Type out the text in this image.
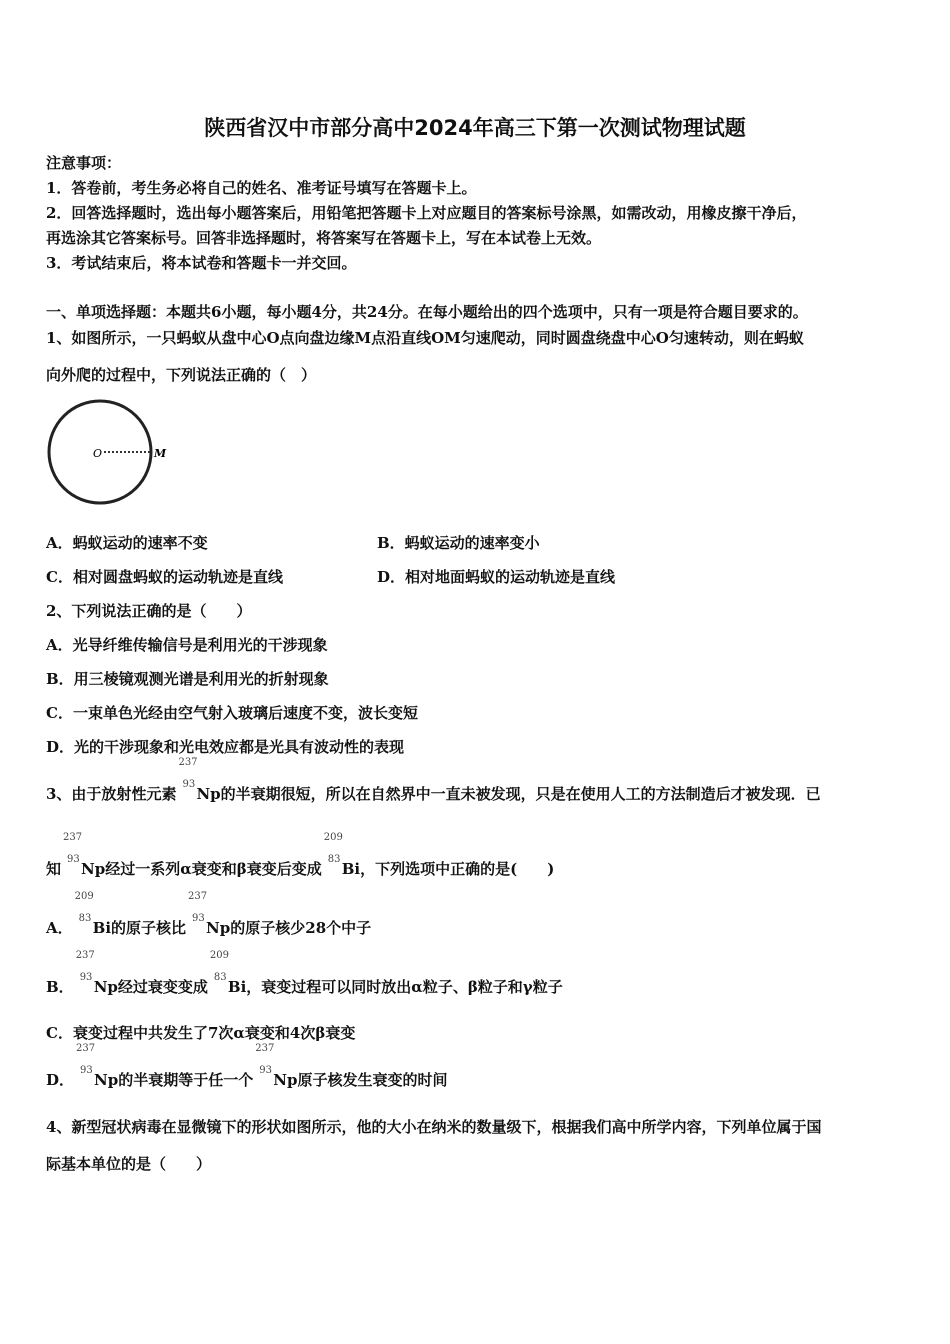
陕西省汉中市部分高中2024年高三下第一次测试物理试题
注意事项：
1．答卷前，考生务必将自己的姓名、准考证号填写在答题卡上。
2．回答选择题时，选出每小题答案后，用铅笔把答题卡上对应题目的答案标号涂黑，如需改动，用橡皮擦干净后，
再选涂其它答案标号。回答非选择题时，将答案写在答题卡上，写在本试卷上无效。
3．考试结束后，将本试卷和答题卡一并交回。
一、单项选择题：本题共6小题，每小题4分，共24分。在每小题给出的四个选项中，只有一项是符合题目要求的。
1、如图所示，一只蚂蚁从盘中心O点向盘边缘M点沿直线OM匀速爬动，同时圆盘绕盘中心O匀速转动，则在蚂蚁
向外爬的过程中，下列说法正确的（　）
O	M
A．蚂蚁运动的速率不变	B．蚂蚁运动的速率变小
C．相对圆盘蚂蚁的运动轨迹是直线	D．相对地面蚂蚁的运动轨迹是直线
2、下列说法正确的是（　　）
A．光导纤维传输信号是利用光的干涉现象
B．用三棱镜观测光谱是利用光的折射现象
C．一束单色光经由空气射入玻璃后速度不变，波长变短
D．光的干涉现象和光电效应都是光具有波动性的表现
3、由于放射性元素
237
93
Np的半衰期很短，所以在自然界中一直未被发现，只是在使用人工的方法制造后才被发现．已
知
237
93
Np经过一系列α衰变和β衰变后变成
209
83
Bi，下列选项中正确的是(　　)
A．
209
83
Bi的原子核比
237
93
Np的原子核少28个中子
B．
237
93
Np经过衰变变成
209
83
Bi，衰变过程可以同时放出α粒子、β粒子和γ粒子
C．衰变过程中共发生了7次α衰变和4次β衰变
D．
237
93
Np的半衰期等于任一个
237
93
Np原子核发生衰变的时间
4、新型冠状病毒在显微镜下的形状如图所示，他的大小在纳米的数量级下，根据我们高中所学内容，下列单位属于国
际基本单位的是（　　）
